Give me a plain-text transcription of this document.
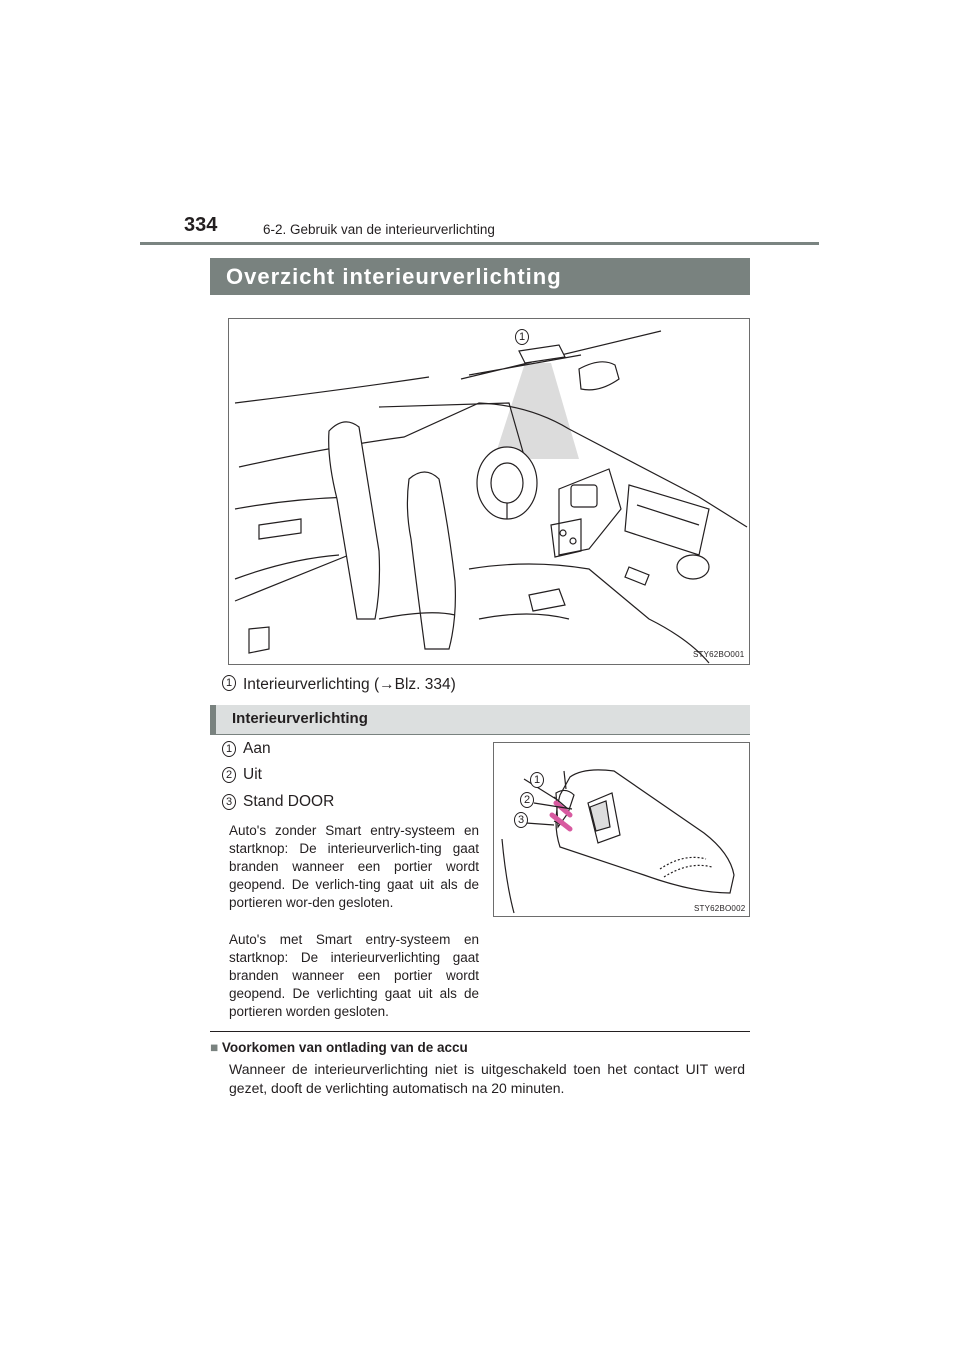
334	6-2. Gebruik van de interieurverlichting
Overzicht interieurverlichting
1
STY62BO001
1 Interieurverlichting (→Blz. 334)
Interieurverlichting
1 Aan
2 Uit
3 Stand DOOR
Auto's zonder Smart entry-systeem en startknop: De interieurverlich-ting gaat branden wanneer een portier wordt geopend. De verlich-ting gaat uit als de portieren wor-den gesloten.
Auto's met Smart entry-systeem en startknop: De interieurverlichting gaat branden wanneer een portier wordt geopend. De verlichting gaat uit als de portieren worden gesloten.
1
2
3
STY62BO002
■ Voorkomen van ontlading van de accu
Wanneer de interieurverlichting niet is uitgeschakeld toen het contact UIT werd gezet, dooft de verlichting automatisch na 20 minuten.
